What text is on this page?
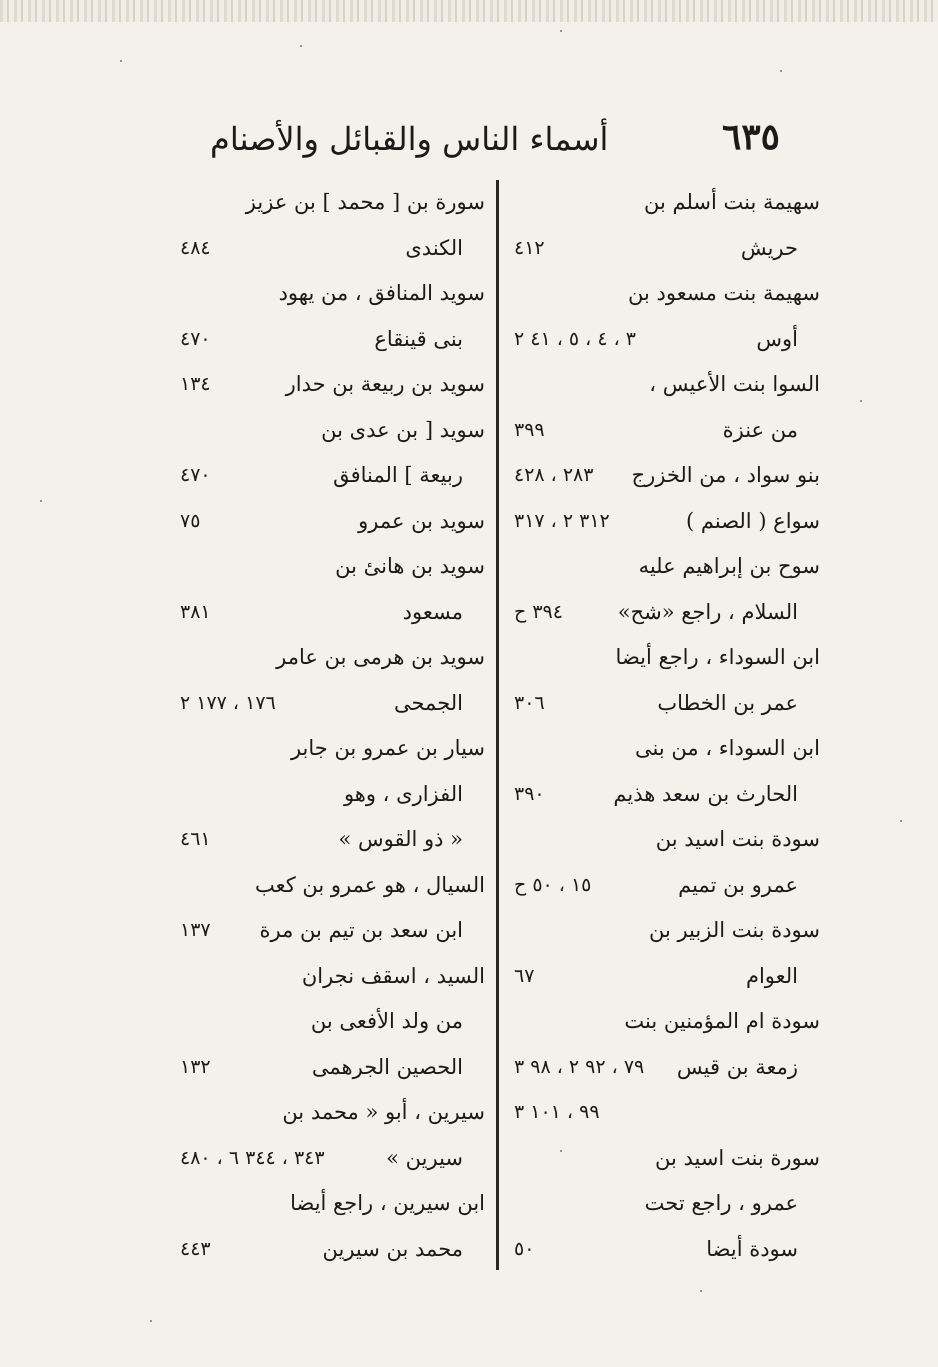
٦٣٥
أسماء الناس والقبائل والأصنام
سهيمة بنت أسلم بن
حريش
٤١٢
سهيمة بنت مسعود بن
أوس
٣ ، ٤ ، ٥ ، ٤١ ٢
السوا بنت الأعيس ،
من عنزة
٣٩٩
بنو سواد ، من الخزرج
٢٨٣ ، ٤٢٨
سواع ( الصنم )
٣١٢ ٢ ، ٣١٧
سوح بن إبراهيم عليه
السلام ، راجع «شح»
٣٩٤ ح
ابن السوداء ، راجع أيضا
عمر بن الخطاب
٣٠٦
ابن السوداء ، من بنى
الحارث بن سعد هذيم
٣٩٠
سودة بنت اسيد بن
عمرو بن تميم
١٥ ، ٥٠ ح
سودة بنت الزبير بن
العوام
٦٧
سودة ام المؤمنين بنت
زمعة بن قيس
٧٩ ، ٩٢ ٢ ، ٩٨ ٣
٩٩ ، ١٠١ ٣
سورة بنت اسيد بن
عمرو ، راجع تحت
سودة أيضا
٥٠
سورة بن [ محمد ] بن عزيز
الكندى
٤٨٤
سويد المنافق ، من يهود
بنى قينقاع
٤٧٠
سويد بن ربيعة بن حدار
١٣٤
سويد [ بن عدى بن
ربيعة ] المنافق
٤٧٠
سويد بن عمرو
٧٥
سويد بن هانئ بن
مسعود
٣٨١
سويد بن هرمى بن عامر
الجمحى
١٧٦ ، ١٧٧ ٢
سيار بن عمرو بن جابر
الفزارى ، وهو
« ذو القوس »
٤٦١
السيال ، هو عمرو بن كعب
ابن سعد بن تيم بن مرة
١٣٧
السيد ، اسقف نجران
من ولد الأفعى بن
الحصين الجرهمى
١٣٢
سيرين ، أبو « محمد بن
سيرين »
٣٤٣ ، ٣٤٤ ٦ ، ٤٨٠
ابن سيرين ، راجع أيضا
محمد بن سيرين
٤٤٣
